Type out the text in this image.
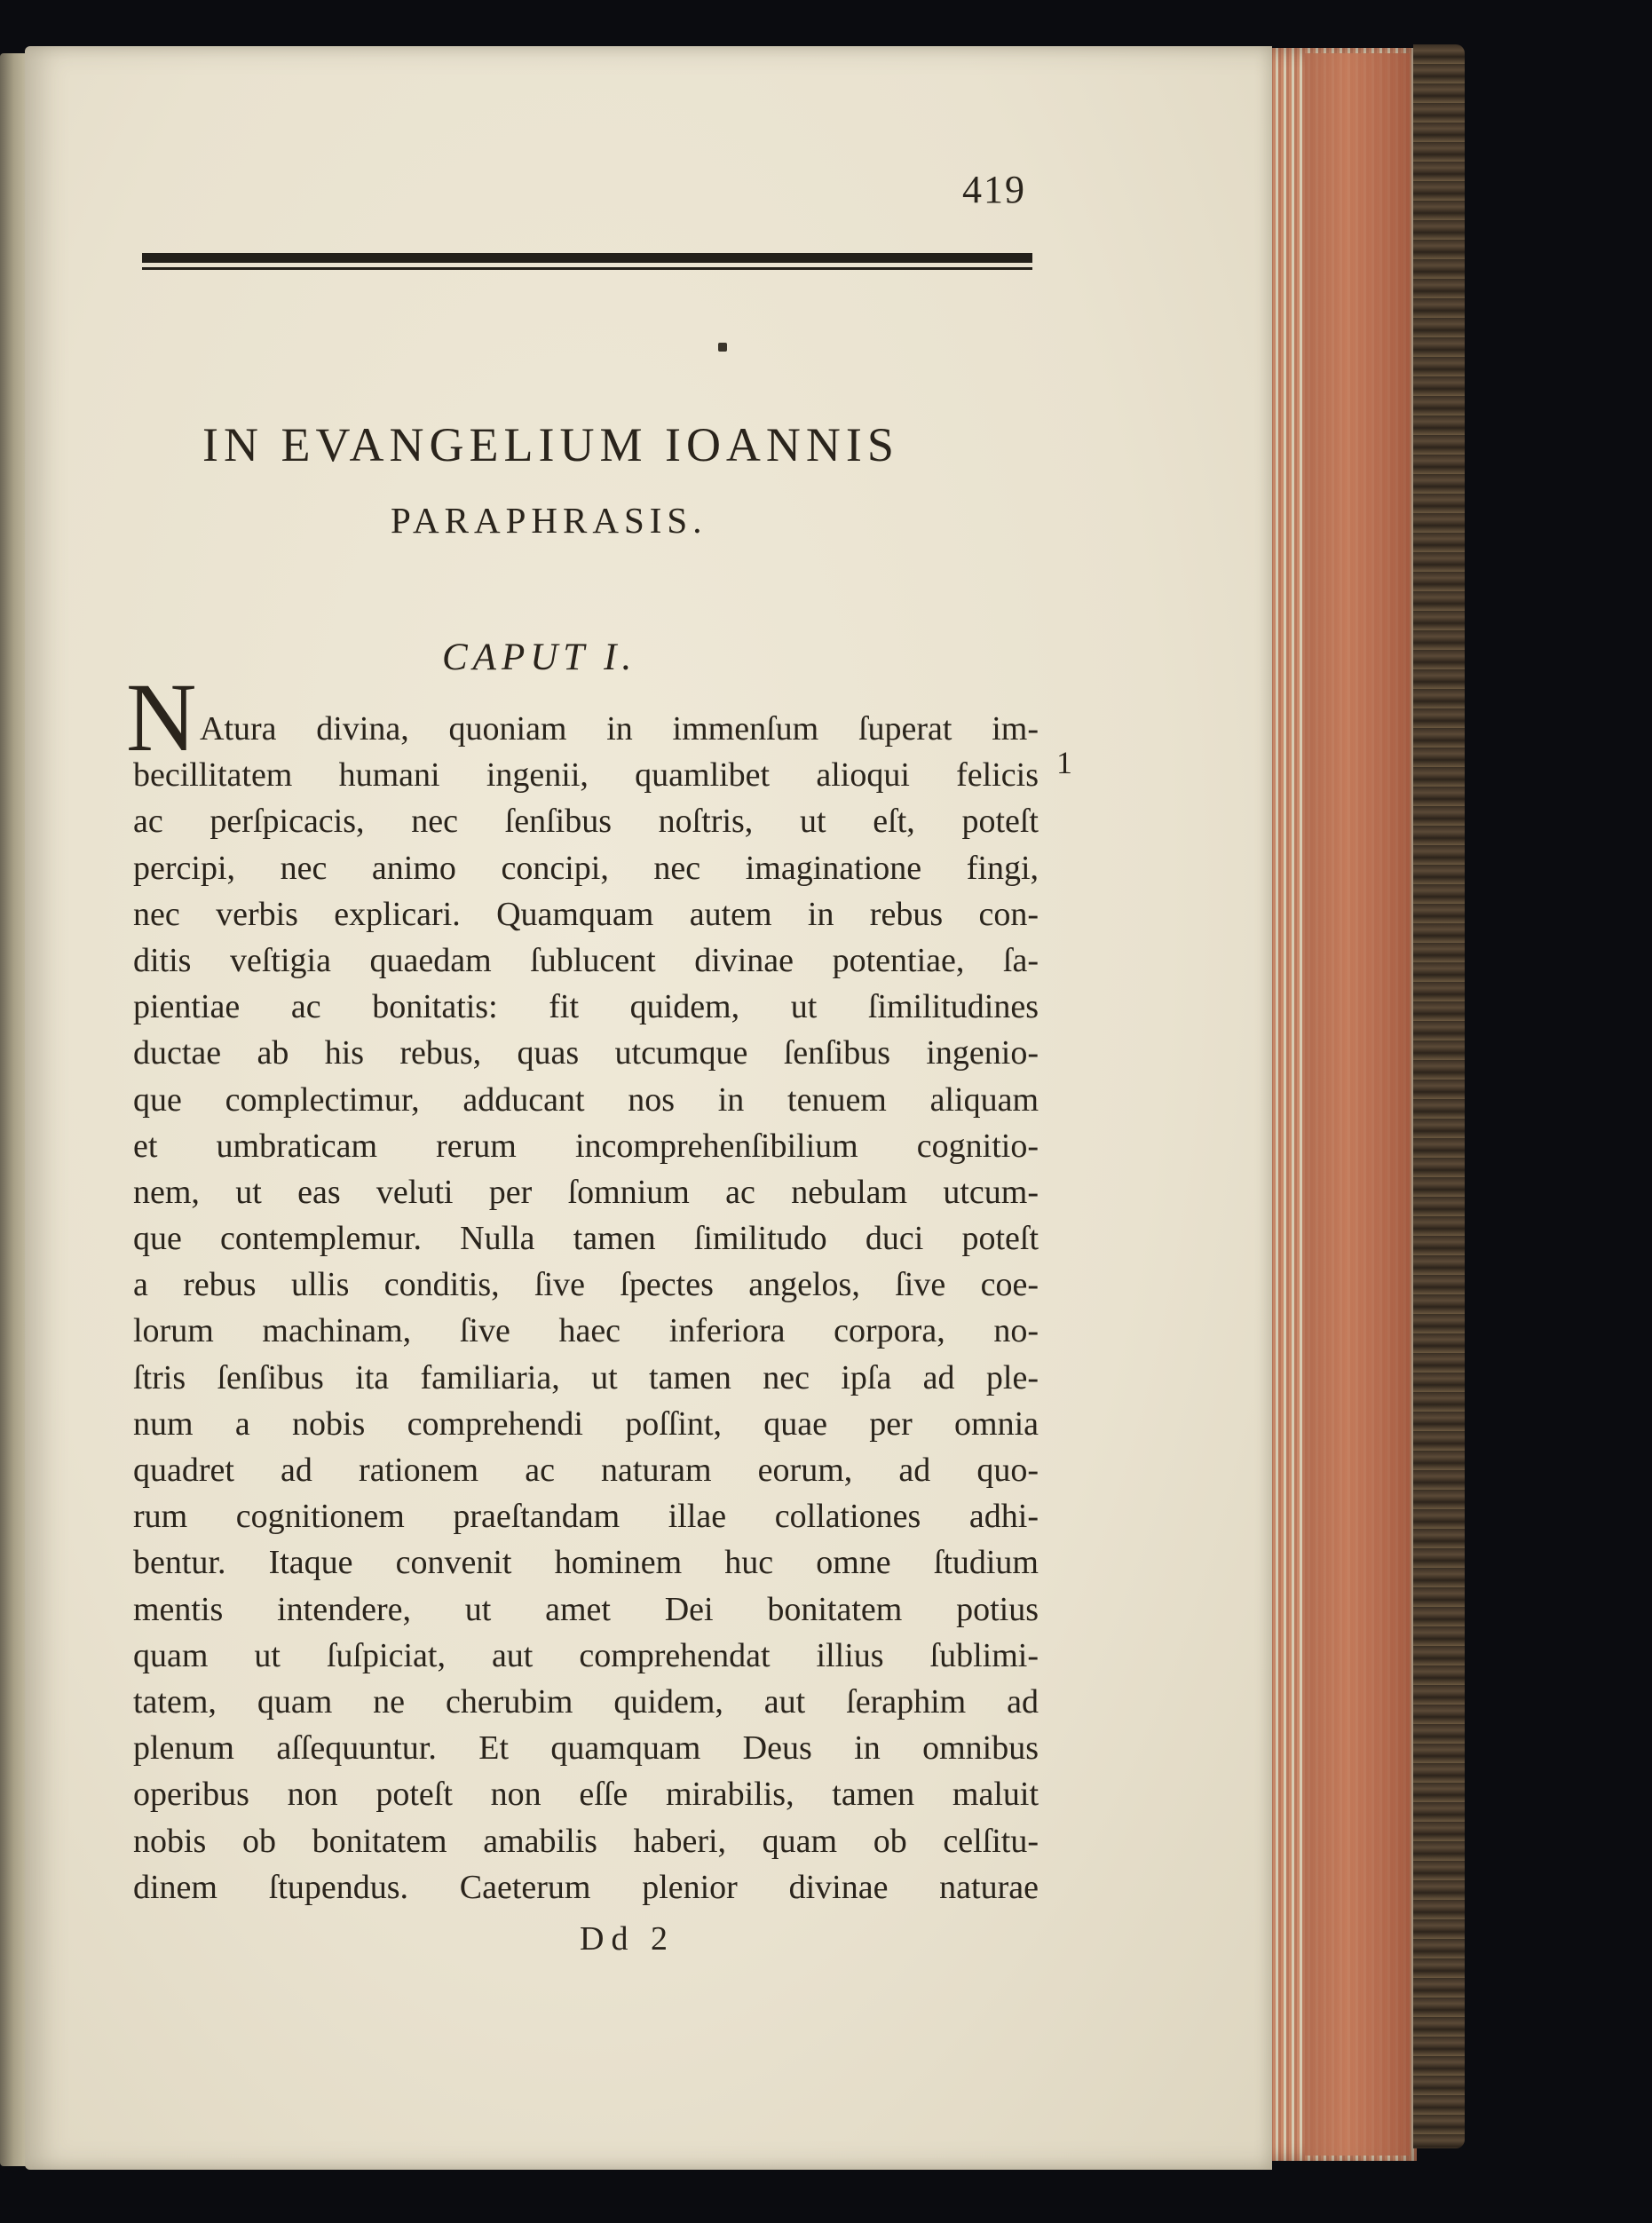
419
IN EVANGELIUM IOANNIS
PARAPHRASIS.
CAPUT I.
N	1
Atura divina, quoniam in immenſum ſuperat im-
becillitatem humani ingenii, quamlibet alioqui felicis
ac perſpicacis, nec ſenſibus noſtris, ut eſt, poteſt
percipi, nec animo concipi, nec imaginatione fingi,
nec verbis explicari. Quamquam autem in rebus con-
ditis veſtigia quaedam ſublucent divinae potentiae, ſa-
pientiae ac bonitatis: fit quidem, ut ſimilitudines
ductae ab his rebus, quas utcumque ſenſibus ingenio-
que complectimur, adducant nos in tenuem aliquam
et umbraticam rerum incomprehenſibilium cognitio-
nem, ut eas veluti per ſomnium ac nebulam utcum-
que contemplemur. Nulla tamen ſimilitudo duci poteſt
a rebus ullis conditis, ſive ſpectes angelos, ſive coe-
lorum machinam, ſive haec inferiora corpora, no-
ſtris ſenſibus ita familiaria, ut tamen nec ipſa ad ple-
num a nobis comprehendi poſſint, quae per omnia
quadret ad rationem ac naturam eorum, ad quo-
rum cognitionem praeſtandam illae collationes adhi-
bentur. Itaque convenit hominem huc omne ſtudium
mentis intendere, ut amet Dei bonitatem potius
quam ut ſuſpiciat, aut comprehendat illius ſublimi-
tatem, quam ne cherubim quidem, aut ſeraphim ad
plenum aſſequuntur. Et quamquam Deus in omnibus
operibus non poteſt non eſſe mirabilis, tamen maluit
nobis ob bonitatem amabilis haberi, quam ob celſitu-
dinem ſtupendus. Caeterum plenior divinae naturae
Dd 2
